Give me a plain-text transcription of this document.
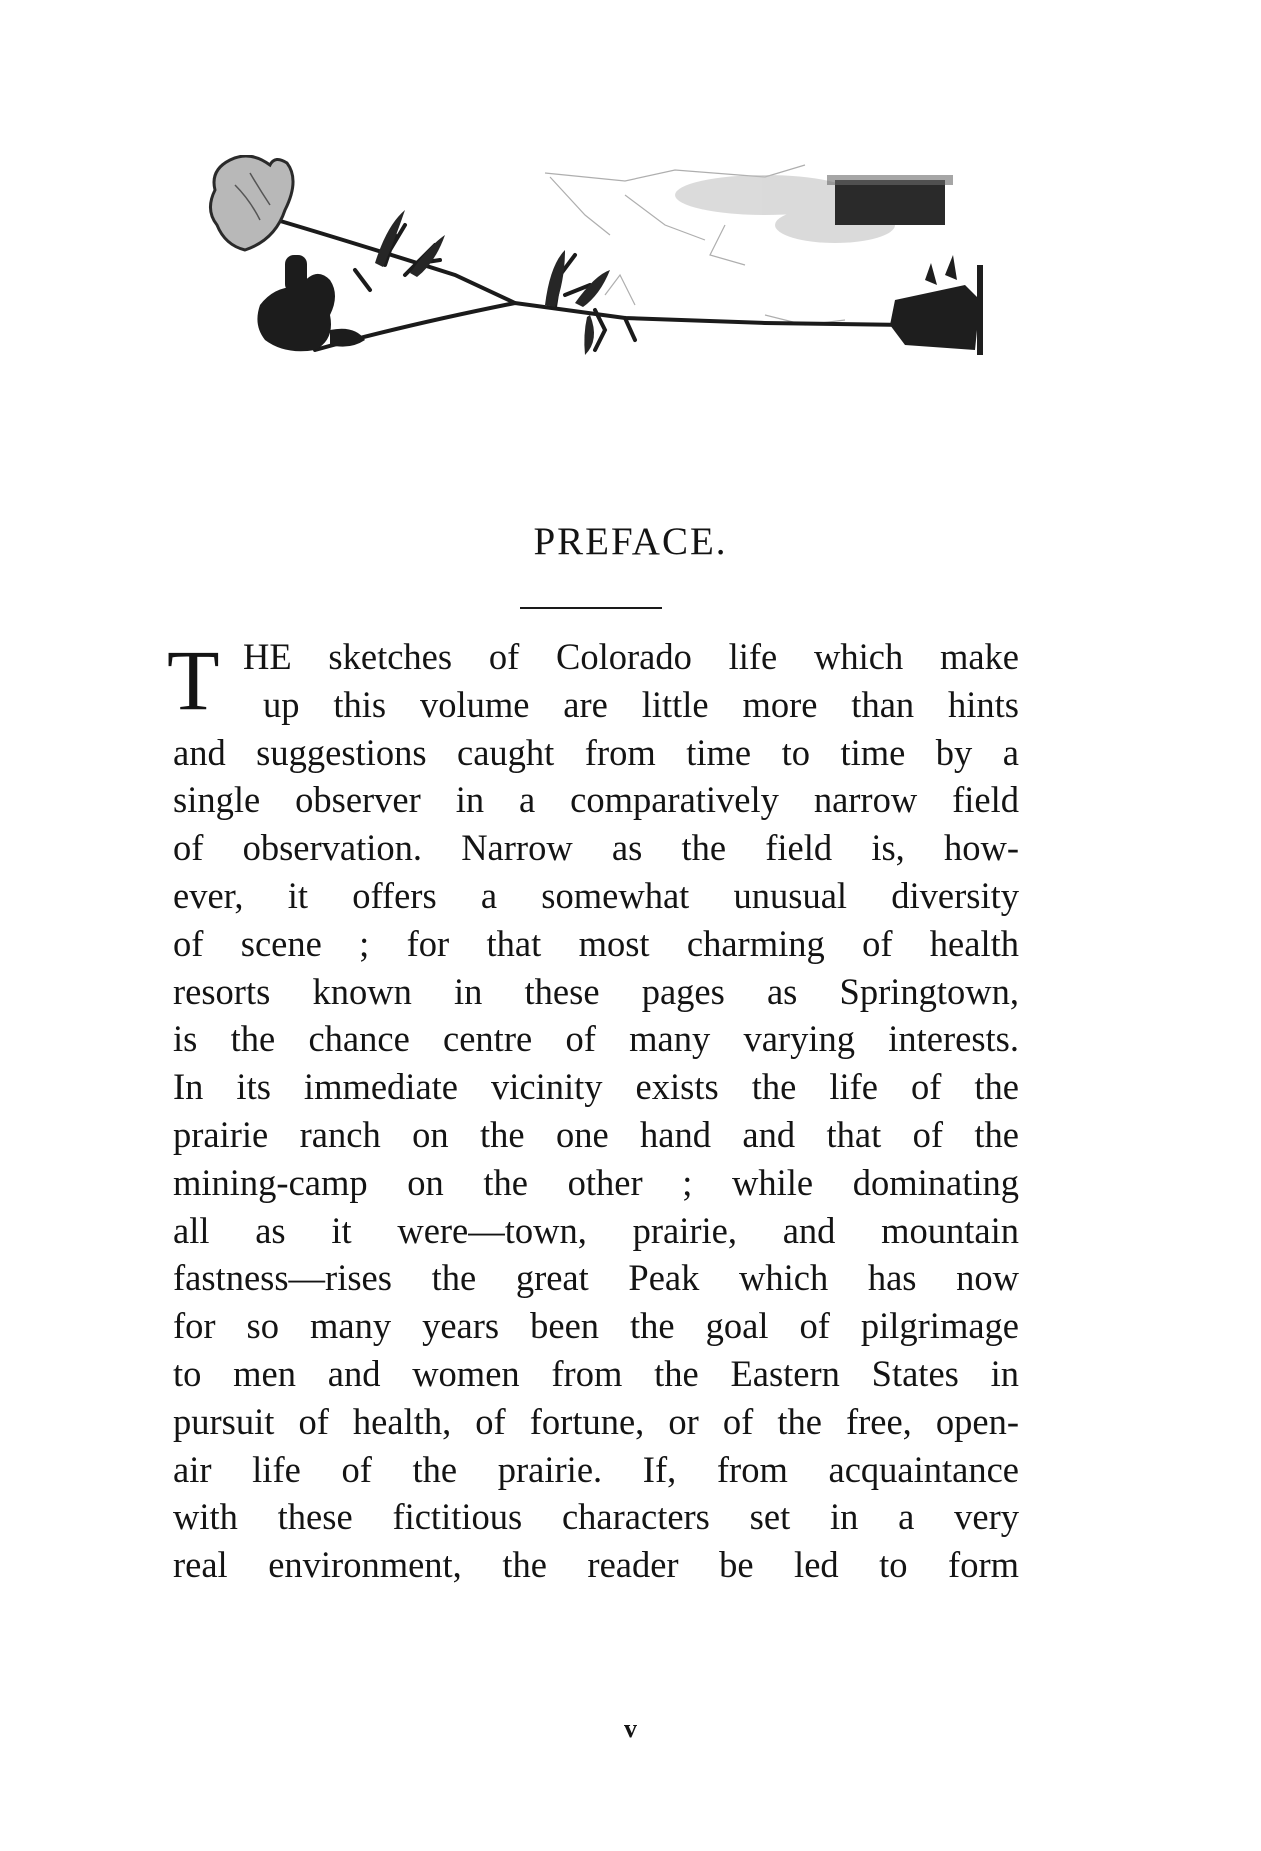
PREFACE.
T HE sketches of Colorado life which make
up this volume are little more than hints
and suggestions caught from time to time by a
single observer in a comparatively narrow field
of observation. Narrow as the field is, how-
ever, it offers a somewhat unusual diversity
of scene ; for that most charming of health
resorts known in these pages as Springtown,
is the chance centre of many varying interests.
In its immediate vicinity exists the life of the
prairie ranch on the one hand and that of the
mining-camp on the other ; while dominating
all as it were—town, prairie, and mountain
fastness—rises the great Peak which has now
for so many years been the goal of pilgrimage
to men and women from the Eastern States in
pursuit of health, of fortune, or of the free, open-
air life of the prairie. If, from acquaintance
with these fictitious characters set in a very
real environment, the reader be led to form
v
